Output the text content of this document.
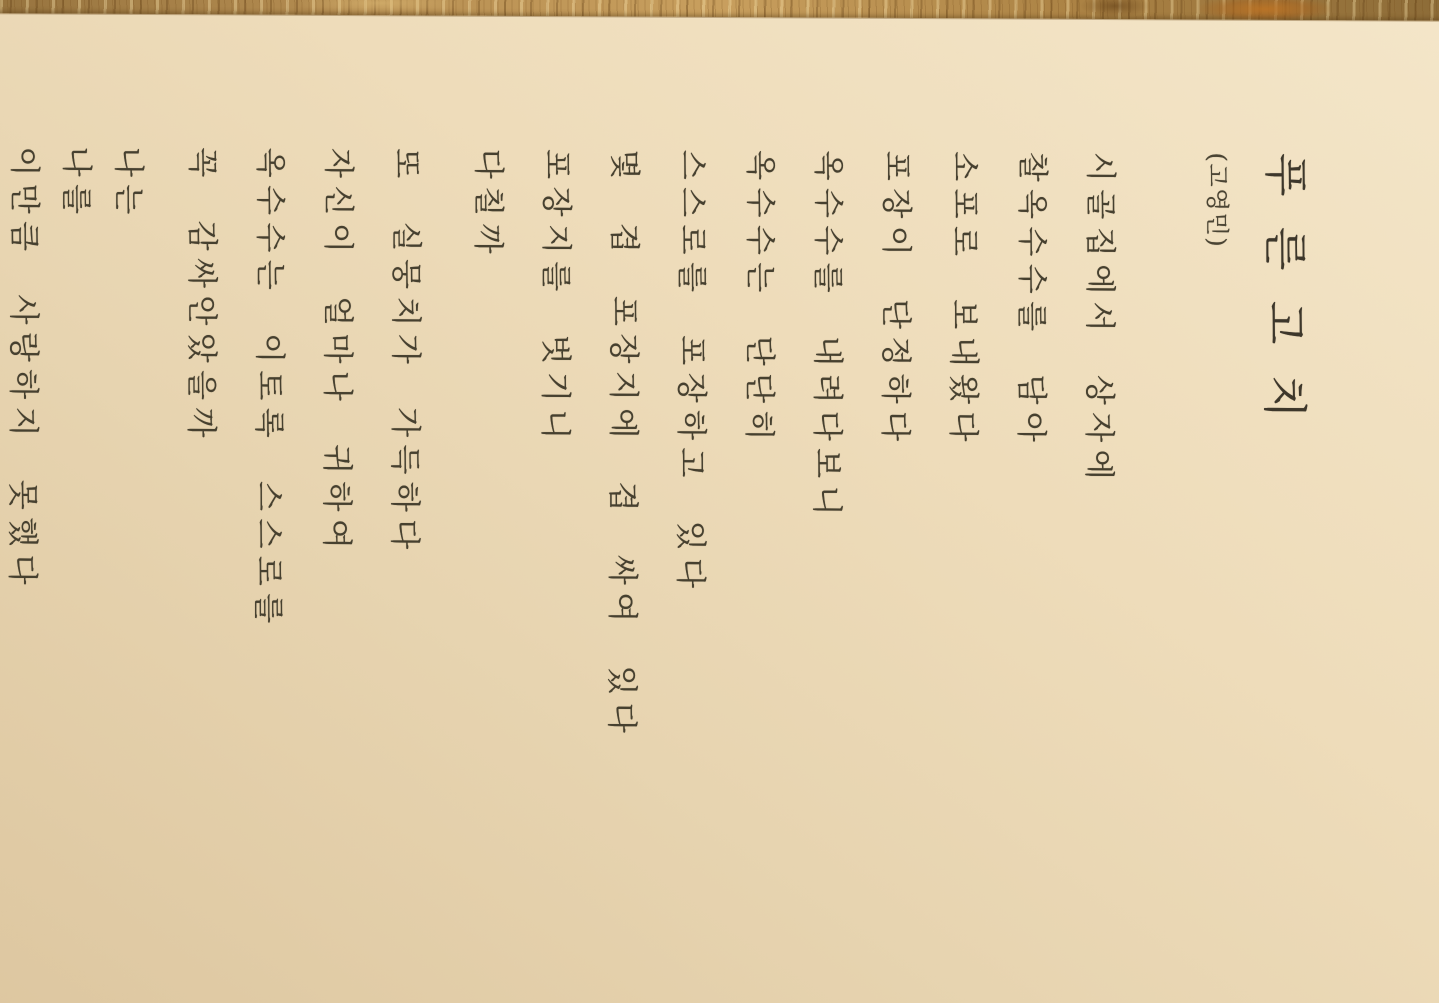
푸 른 고 치
(고영민)
시골집에서 상자에
찰옥수수를 담아
소포로 보내왔다
포장이 단정하다
옥수수를 내려다보니
옥수수는 단단히
스스로를 포장하고 있다
몇 겹 포장지에 겹 싸여 있다
포장지를 벗기니
다칠까
또 실뭉치가 가득하다
자신이 얼마나 귀하여
옥수수는 이토록 스스로를
꼭 감싸안았을까
나는
나를
이만큼 사랑하지 못했다
